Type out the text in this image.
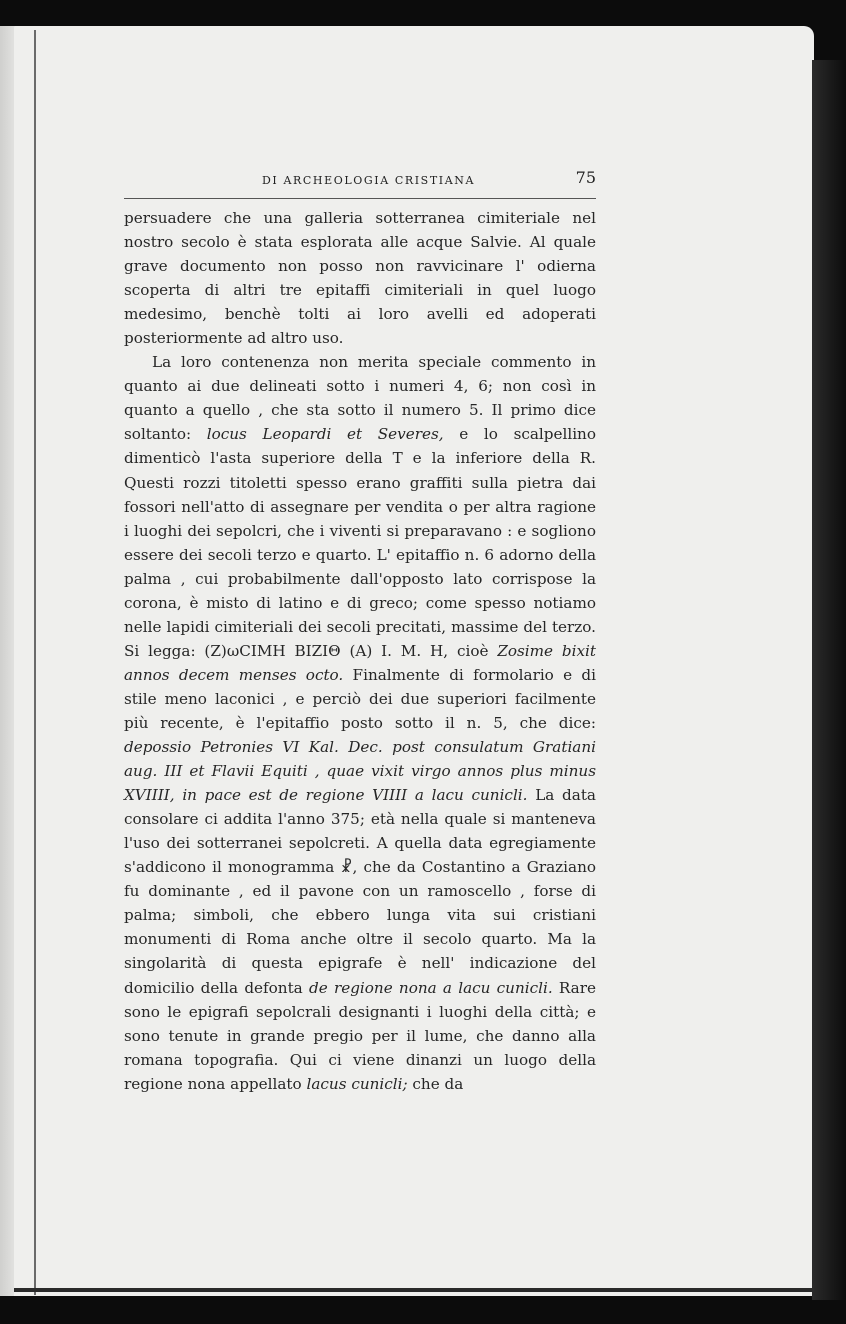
DI ARCHEOLOGIA CRISTIANA	75

persuadere che una galleria sotterranea cimiteriale nel nostro secolo è stata esplorata alle acque Salvie. Al quale grave documento non posso non ravvicinare l' odierna scoperta di altri tre epitaffi cimiteriali in quel luogo medesimo, benchè tolti ai loro avelli ed adoperati posteriormente ad altro uso.

La loro contenenza non merita speciale commento in quanto ai due delineati sotto i numeri 4, 6; non così in quanto a quello , che sta sotto il numero 5. Il primo dice soltanto: locus Leopardi et Severes, e lo scalpellino dimenticò l'asta superiore della T e la inferiore della R. Questi rozzi titoletti spesso erano graffiti sulla pietra dai fossori nell'atto di assegnare per vendita o per altra ragione i luoghi dei sepolcri, che i viventi si preparavano : e sogliono essere dei secoli terzo e quarto. L' epitaffio n. 6 adorno della palma , cui probabilmente dall'opposto lato corrispose la corona, è misto di latino e di greco; come spesso notiamo nelle lapidi cimiteriali dei secoli precitati, massime del terzo. Si legga: (Z)ωCIMH BIZIΘ (A) I. M. H, cioè Zosime bixit annos decem menses octo. Finalmente di formolario e di stile meno laconici , e perciò dei due superiori facilmente più recente, è l'epitaffio posto sotto il n. 5, che dice: depossio Petronies VI Kal. Dec. post consulatum Gratiani aug. III et Flavii Equiti , quae vixit virgo annos plus minus XVIIII, in pace est de regione VIIII a lacu cunicli. La data consolare ci addita l'anno 375; età nella quale si manteneva l'uso dei sotterranei sepolcreti. A quella data egregiamente s'addicono il monogramma ☧, che da Costantino a Graziano fu dominante , ed il pavone con un ramoscello , forse di palma; simboli, che ebbero lunga vita sui cristiani monumenti di Roma anche oltre il secolo quarto. Ma la singolarità di questa epigrafe è nell' indicazione del domicilio della defonta de regione nona a lacu cunicli. Rare sono le epigrafi sepolcrali designanti i luoghi della città; e sono tenute in grande pregio per il lume, che danno alla romana topografia. Qui ci viene dinanzi un luogo della regione nona appellato lacus cunicli; che da
